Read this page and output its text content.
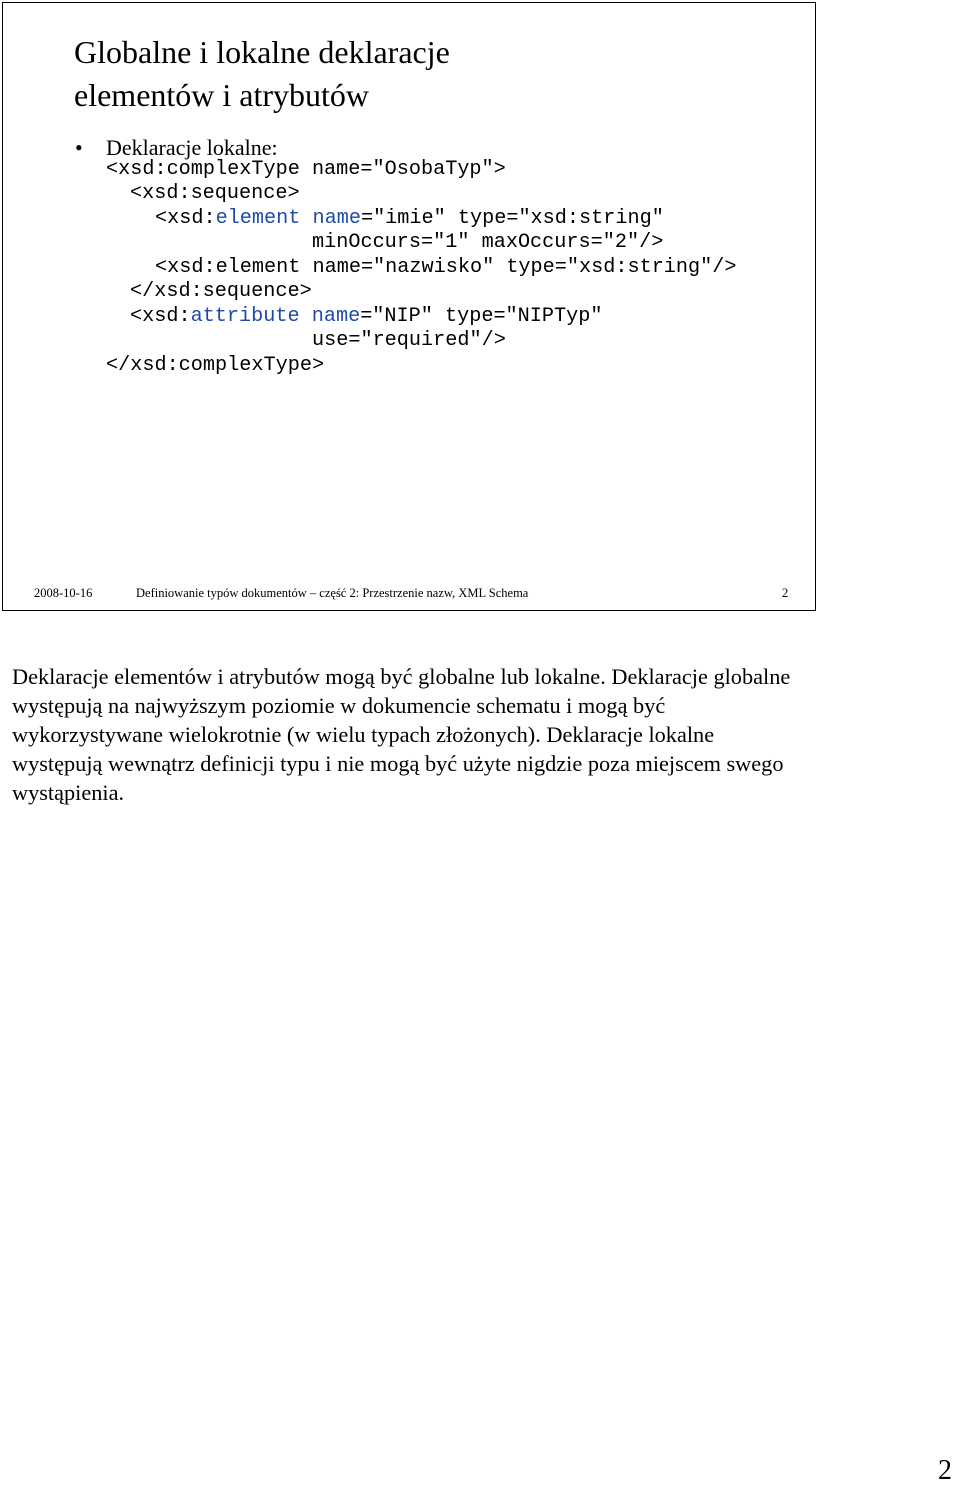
Globalne i lokalne deklaracje
elementów i atrybutów
• Deklaracje lokalne:
<xsd:complexType name="OsobaTyp">
<xsd:sequence>
<xsd:element name="imie" type="xsd:string"
minOccurs="1" maxOccurs="2"/>
<xsd:element name="nazwisko" type="xsd:string"/>
</xsd:sequence>
<xsd:attribute name="NIP" type="NIPTyp"
use="required"/>
</xsd:complexType>
2008-10-16	Definiowanie typów dokumentów – część 2: Przestrzenie nazw, XML Schema	2

Deklaracje elementów i atrybutów mogą być globalne lub lokalne. Deklaracje globalne występują na najwyższym poziomie w dokumencie schematu i mogą być wykorzystywane wielokrotnie (w wielu typach złożonych). Deklaracje lokalne występują wewnątrz definicji typu i nie mogą być użyte nigdzie poza miejscem swego wystąpienia.

2
